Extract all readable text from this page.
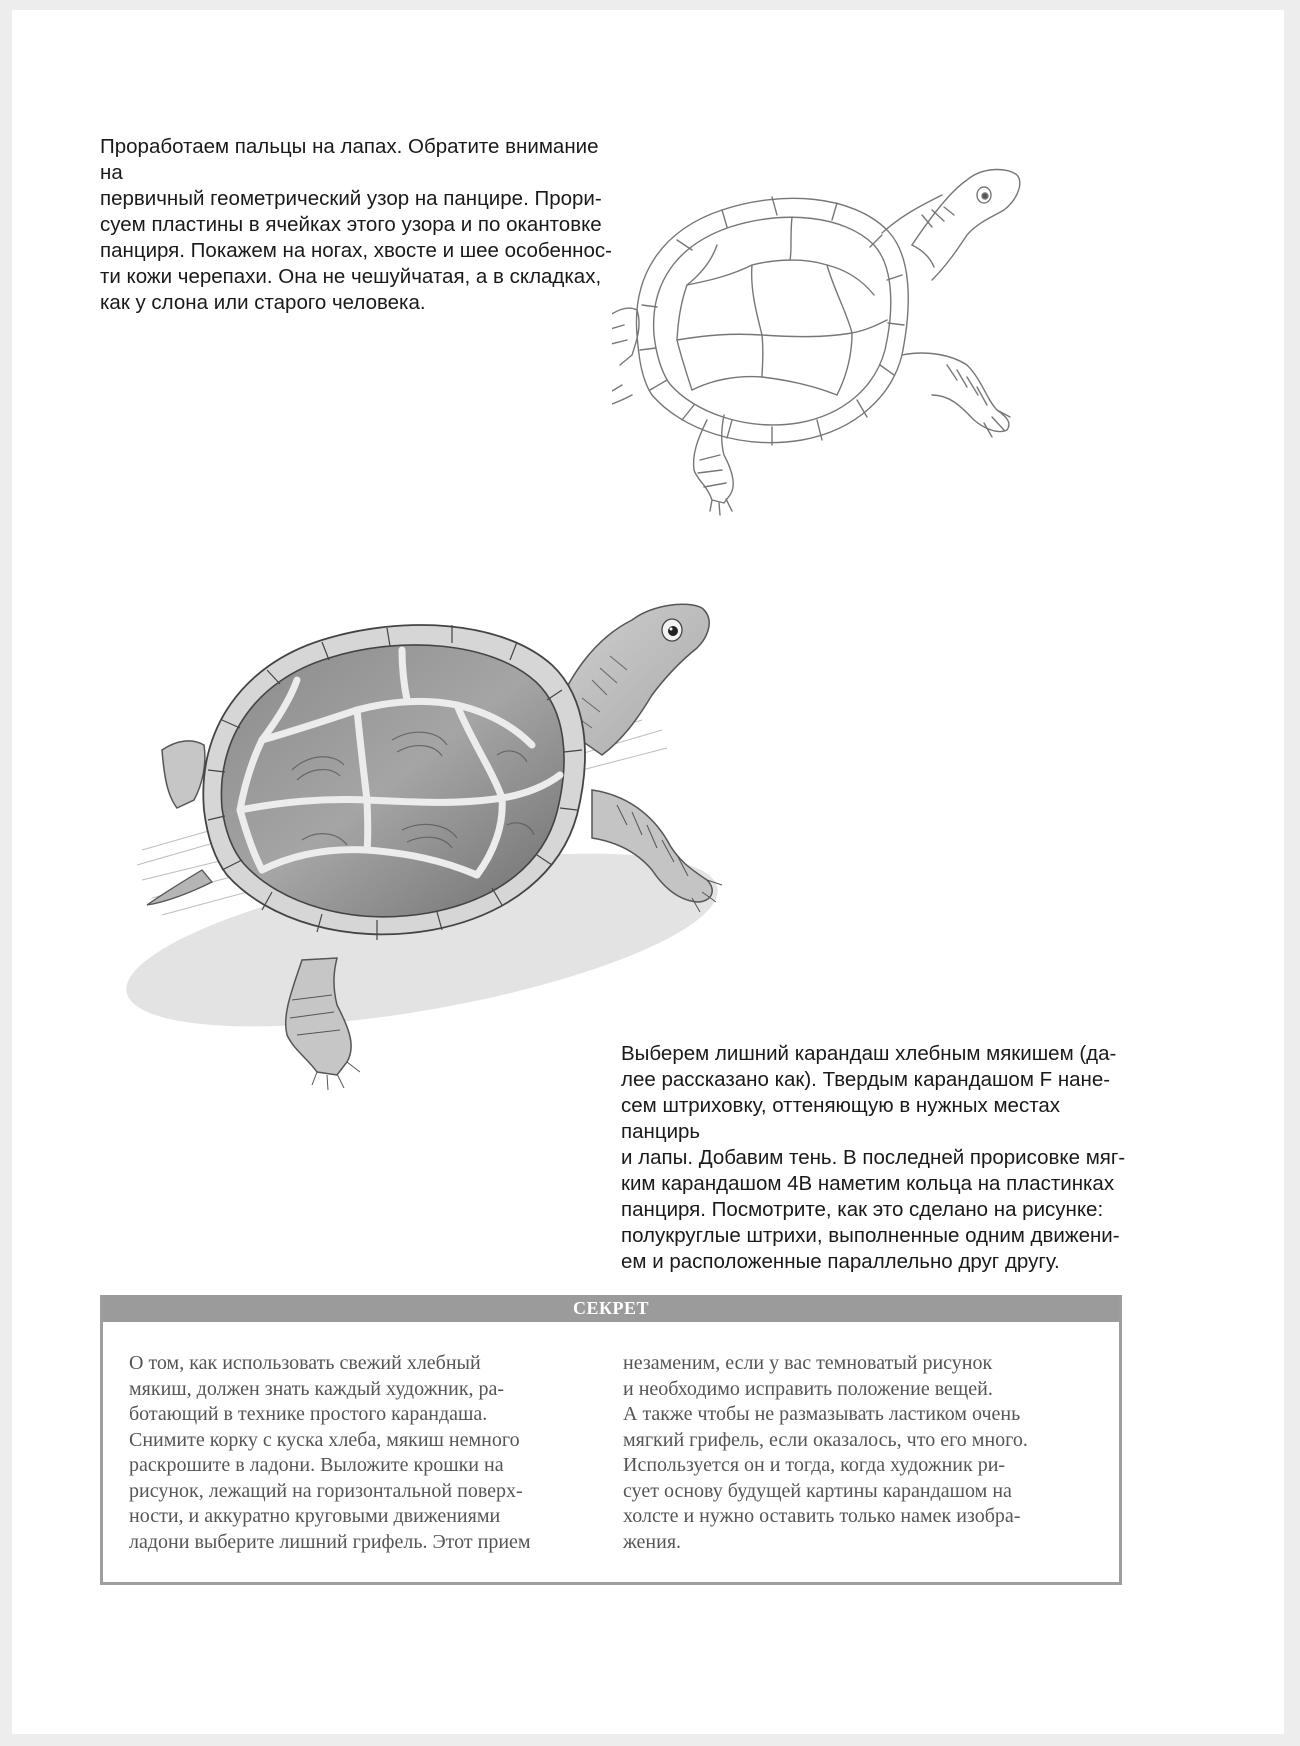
Проработаем пальцы на лапах. Обратите внимание на
первичный геометрический узор на панцире. Прори-
суем пластины в ячейках этого узора и по окантовке
панциря. Покажем на ногах, хвосте и шее особеннос-
ти кожи черепахи. Она не чешуйчатая, а в складках,
как у слона или старого человека.

Выберем лишний карандаш хлебным мякишем (да-
лее рассказано как). Твердым карандашом F нане-
сем штриховку, оттеняющую в нужных местах панцирь
и лапы. Добавим тень. В последней прорисовке мяг-
ким карандашом 4В наметим кольца на пластинках
панциря. Посмотрите, как это сделано на рисунке:
полукруглые штрихи, выполненные одним движени-
ем и расположенные параллельно друг другу.

СЕКРЕТ

О том, как использовать свежий хлебный
мякиш, должен знать каждый художник, ра-
ботающий в технике простого карандаша.
Снимите корку с куска хлеба, мякиш немного
раскрошите в ладони. Выложите крошки на
рисунок, лежащий на горизонтальной поверх-
ности, и аккуратно круговыми движениями
ладони выберите лишний грифель. Этот прием

незаменим, если у вас темноватый рисунок
и необходимо исправить положение вещей.
А также чтобы не размазывать ластиком очень
мягкий грифель, если оказалось, что его много.
Используется он и тогда, когда художник ри-
сует основу будущей картины карандашом на
холсте и нужно оставить только намек изобра-
жения.
